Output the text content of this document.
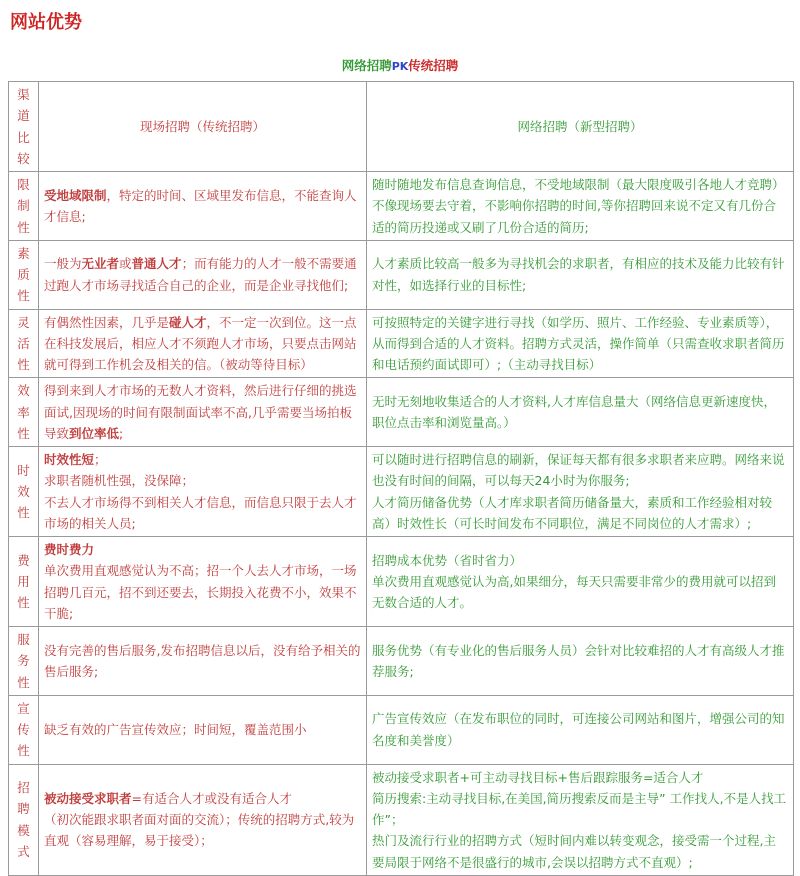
网站优势
网络招聘PK传统招聘
渠
道
比
较	现场招聘（传统招聘）	网络招聘（新型招聘）

限
制
性	受地域限制，特定的时间、区域里发布信息，不能查询人才信息;	随时随地发布信息查询信息，不受地域限制（最大限度吸引各地人才竞聘）不像现场要去守着，不影响你招聘的时间,等你招聘回来说不定又有几份合适的简历投递或又刷了几份合适的简历;

素
质
性	一般为无业者或普通人才；而有能力的人才一般不需要通过跑人才市场寻找适合自己的企业，而是企业寻找他们;	人才素质比较高一般多为寻找机会的求职者，有相应的技术及能力比较有针对性，如选择行业的目标性;

灵
活
性	有偶然性因素，几乎是碰人才，不一定一次到位。这一点在科技发展后，相应人才不须跑人才市场，只要点击网站就可得到工作机会及相关的信。（被动等待目标）	可按照特定的关键字进行寻找（如学历、照片、工作经验、专业素质等），从而得到合适的人才资料。招聘方式灵活，操作简单（只需查收求职者简历和电话预约面试即可）;（主动寻找目标）

效
率
性	得到来到人才市场的无数人才资料，然后进行仔细的挑选面试,因现场的时间有限制面试率不高,几乎需要当场拍板导致到位率低;	无时无刻地收集适合的人才资料,人才库信息量大（网络信息更新速度快，职位点击率和浏览量高。）

时
效
性
	时效性短；
求职者随机性强，没保障；
不去人才市场得不到相关人才信息，而信息只限于去人才市场的相关人员;	可以随时进行招聘信息的刷新，保证每天都有很多求职者来应聘。网络来说也没有时间的间隔，可以每天24小时为你服务;
人才简历储备优势（人才库求职者简历储备量大，素质和工作经验相对较高）时效性长（可长时间发布不同职位，满足不同岗位的人才需求）;

费
用
性
	费时费力
单次费用直观感觉认为不高；招一个人去人才市场，一场招聘几百元，招不到还要去，长期投入花费不小，效果不干脆;	招聘成本优势（省时省力）
单次费用直观感觉认为高,如果细分，每天只需要非常少的费用就可以招到无数合适的人才。

服
务
性	没有完善的售后服务,发布招聘信息以后，没有给予相关的售后服务;	服务优势（有专业化的售后服务人员）会针对比较难招的人才有高级人才推荐服务;

宣
传
性	缺乏有效的广告宣传效应；时间短，覆盖范围小	广告宣传效应（在发布职位的同时，可连接公司网站和图片，增强公司的知名度和美誉度）

招
聘
模
式
	被动接受求职者=有适合人才或没有适合人才
（初次能跟求职者面对面的交流）；传统的招聘方式,较为直观（容易理解，易于接受）；	被动接受求职者+可主动寻找目标+售后跟踪服务=适合人才
简历搜索:主动寻找目标,在美国,简历搜索反而是主导” 工作找人,不是人找工作”；
热门及流行行业的招聘方式（短时间内难以转变观念，接受需一个过程,主要局限于网络不是很盛行的城市,会误以招聘方式不直观）;
